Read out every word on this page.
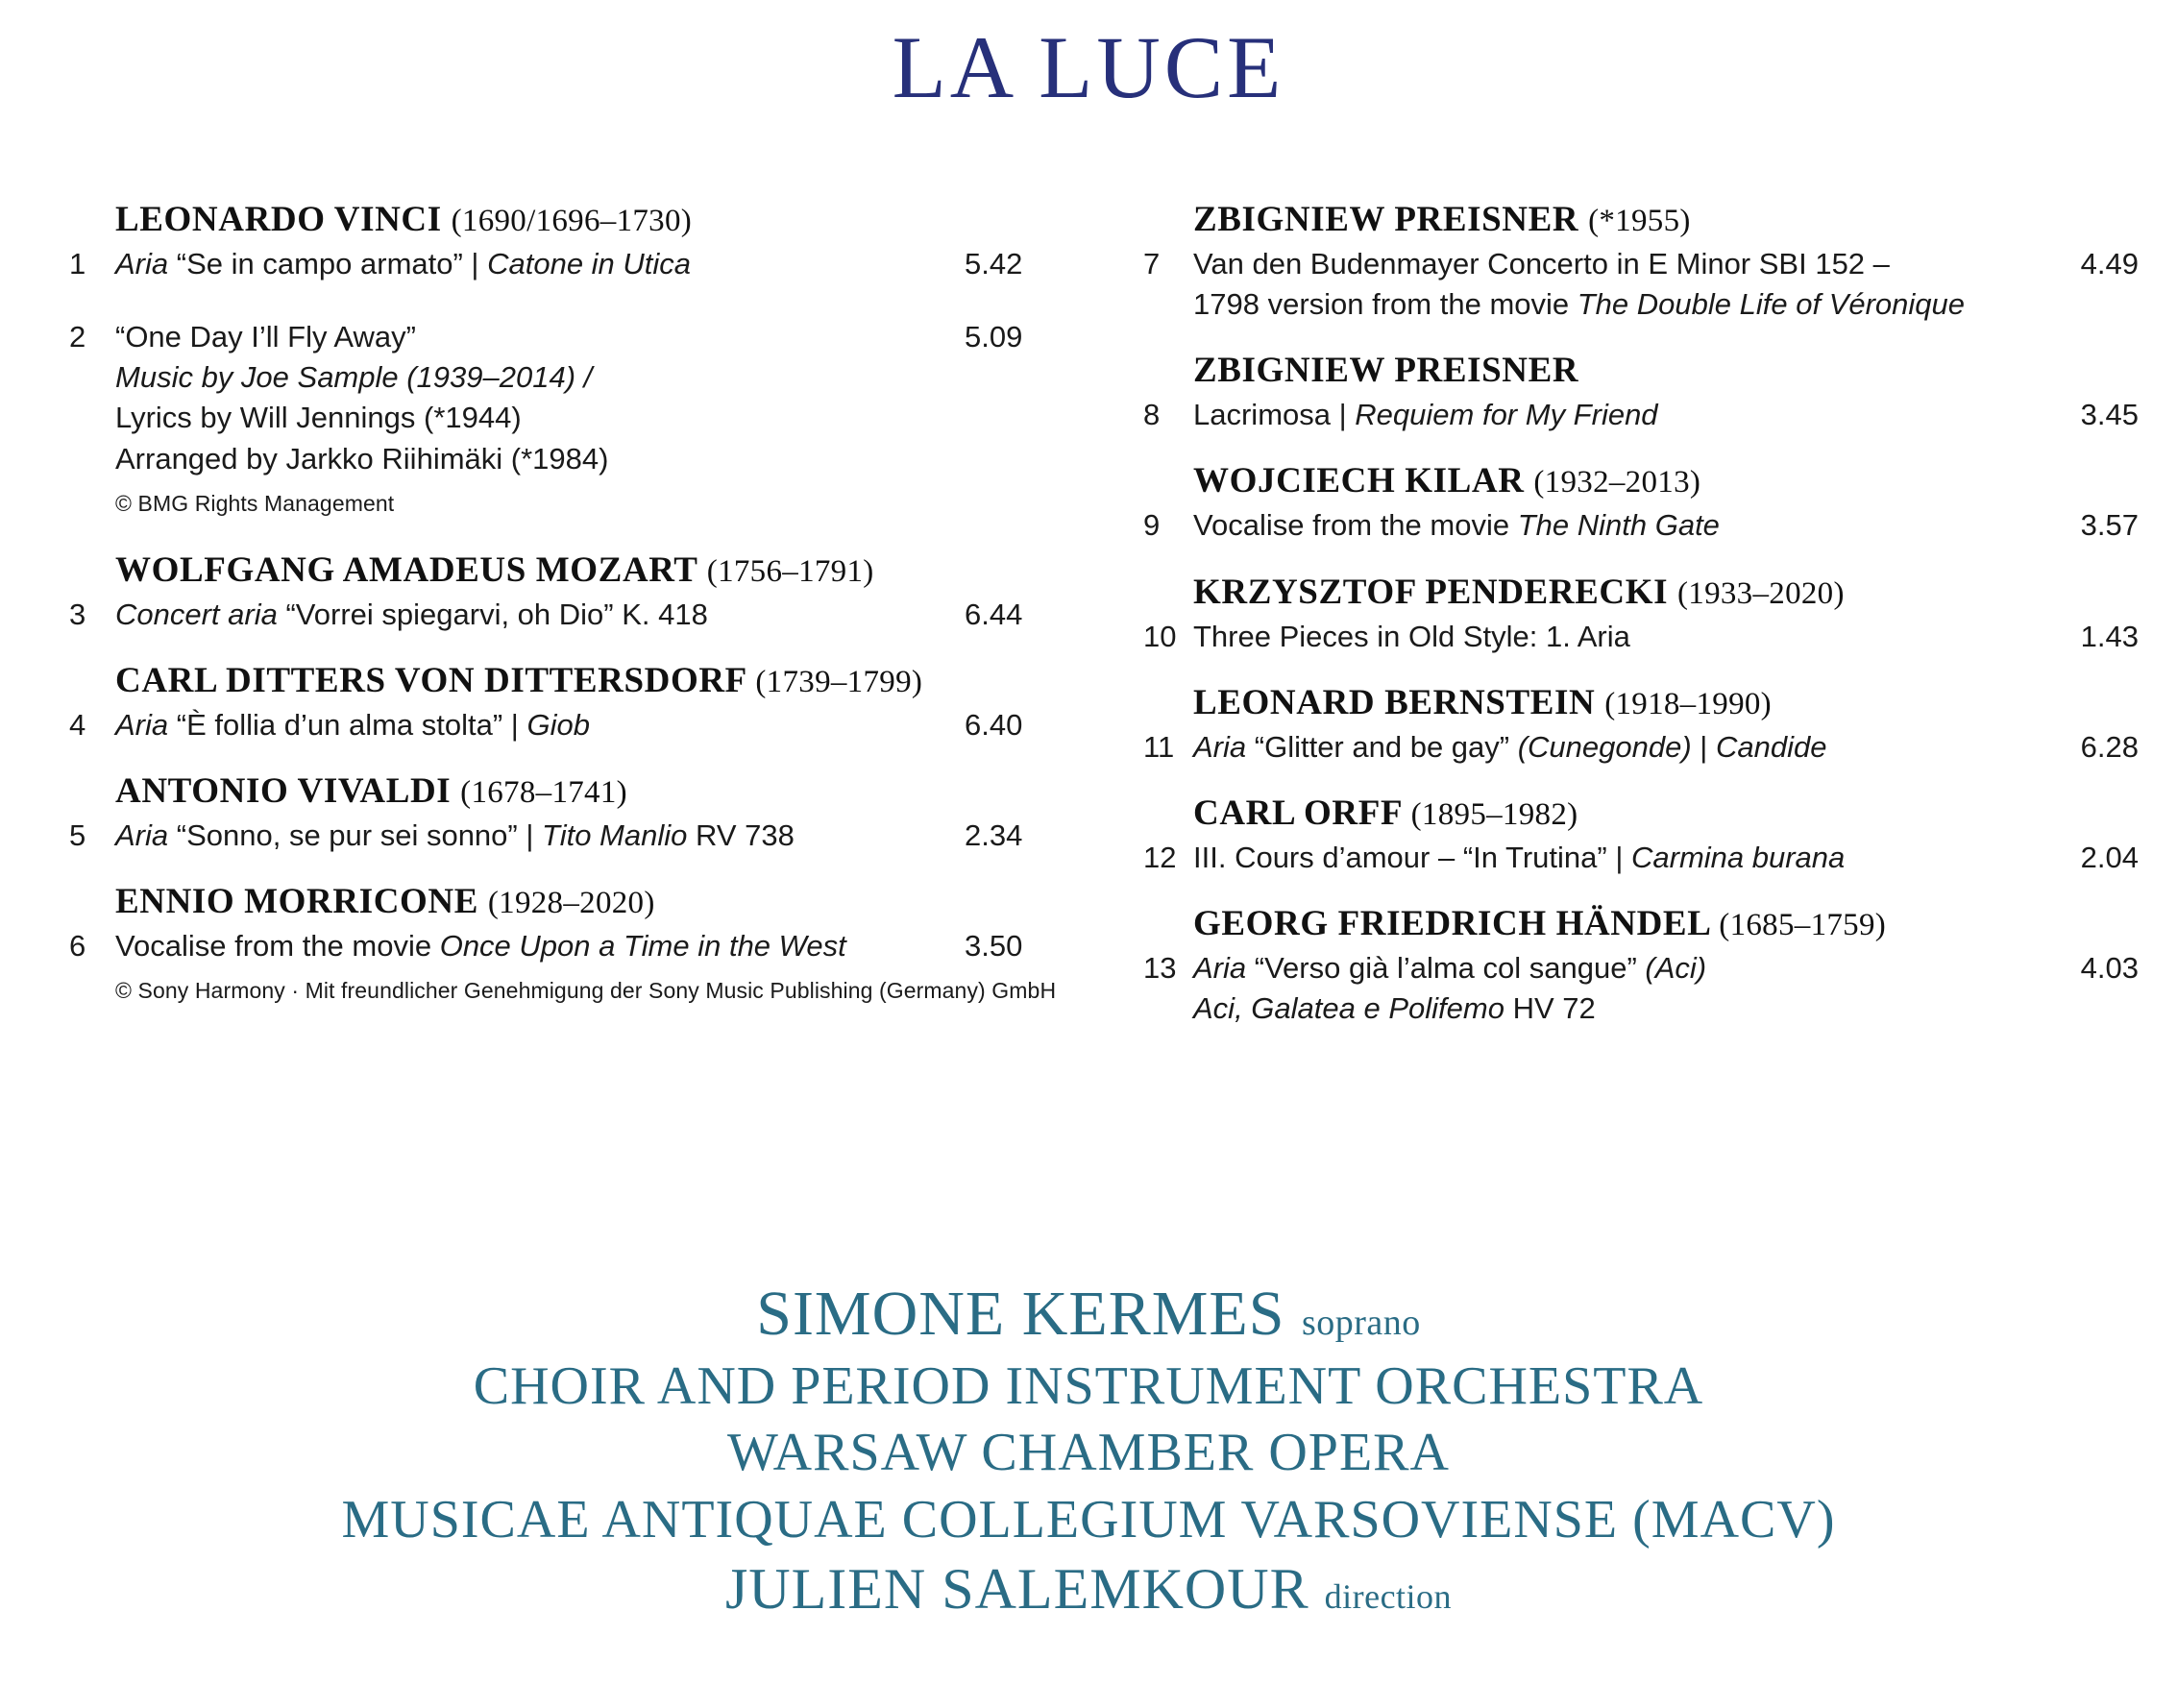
LA LUCE
LEONARDO VINCI (1690/1696–1730)
1 Aria “Se in campo armato” | Catone in Utica	5.42
2 “One Day I’ll Fly Away”
Music by Joe Sample (1939–2014) /
Lyrics by Will Jennings (*1944)
Arranged by Jarkko Riihimäki (*1984)
5.09
© BMG Rights Management
WOLFGANG AMADEUS MOZART (1756–1791)
3 Concert aria “Vorrei spiegarvi, oh Dio” K. 418	6.44
CARL DITTERS VON DITTERSDORF (1739–1799)
4 Aria “È follia d’un alma stolta” | Giob	6.40
ANTONIO VIVALDI (1678–1741)
5 Aria “Sonno, se pur sei sonno” | Tito Manlio RV 738	2.34
ENNIO MORRICONE (1928–2020)
6 Vocalise from the movie Once Upon a Time in the West	3.50
© Sony Harmony · Mit freundlicher Genehmigung der Sony Music Publishing (Germany) GmbH
ZBIGNIEW PREISNER (*1955)
7	Van den Budenmayer Concerto in E Minor SBI 152 –
1798 version from the movie The Double Life of Véronique
4.49
ZBIGNIEW PREISNER
8	Lacrimosa | Requiem for My Friend	3.45
WOJCIECH KILAR (1932–2013)
9	Vocalise from the movie The Ninth Gate	3.57
KRZYSZTOF PENDERECKI (1933–2020)
10 Three Pieces in Old Style: 1. Aria	1.43
LEONARD BERNSTEIN (1918–1990)
11 Aria “Glitter and be gay” (Cunegonde) | Candide	6.28
CARL ORFF (1895–1982)
12 III. Cours d’amour – “In Trutina” | Carmina burana	2.04
GEORG FRIEDRICH HÄNDEL (1685–1759)
13 Aria “Verso già l’alma col sangue” (Aci)
Aci, Galatea e Polifemo HV 72
4.03
SIMONE KERMES soprano
CHOIR AND PERIOD INSTRUMENT ORCHESTRA
WARSAW CHAMBER OPERA
MUSICAE ANTIQUAE COLLEGIUM VARSOVIENSE (MACV)
JULIEN SALEMKOUR direction
